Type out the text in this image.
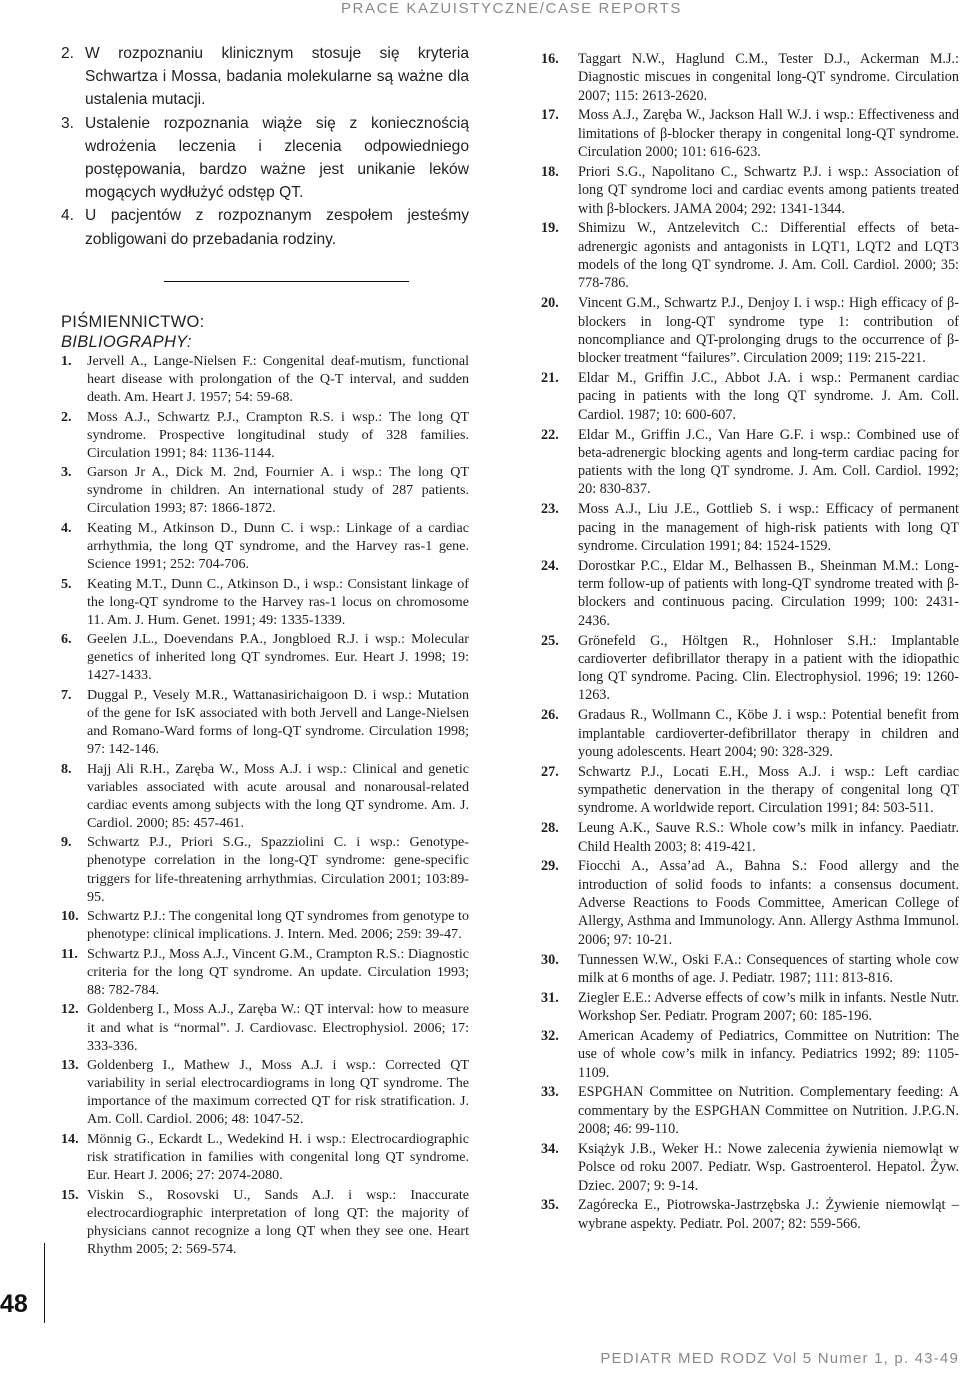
PRACE KAZUISTYCZNE/CASE REPORTS
48

2. W rozpoznaniu klinicznym stosuje się kryteria Schwartza i Mossa, badania molekularne są ważne dla ustalenia mutacji.

3. Ustalenie rozpoznania wiąże się z koniecznością wdrożenia leczenia i zlecenia odpowiedniego postępowania, bardzo ważne jest unikanie leków mogących wydłużyć odstęp QT.

4. U pacjentów z rozpoznanym zespołem jesteśmy zobligowani do przebadania rodziny.

PIŚMIENNICTWO:
BIBLIOGRAPHY:
1.	Jervell A., Lange-Nielsen F.: Congenital deaf-mutism, functional heart disease with prolongation of the Q-T interval, and sudden death. Am. Heart J. 1957; 54: 59-68.
2.	Moss A.J., Schwartz P.J., Crampton R.S. i wsp.: The long QT syndrome. Prospective longitudinal study of 328 families. Circulation 1991; 84: 1136-1144.
3.	Garson Jr A., Dick M. 2nd, Fournier A. i wsp.: The long QT syndrome in children. An international study of 287 patients. Circulation 1993; 87: 1866-1872.
4.	Keating M., Atkinson D., Dunn C. i wsp.: Linkage of a cardiac arrhythmia, the long QT syndrome, and the Harvey ras-1 gene. Science 1991; 252: 704-706.
5.	Keating M.T., Dunn C., Atkinson D., i wsp.: Consistant linkage of the long-QT syndrome to the Harvey ras-1 locus on chromosome 11. Am. J. Hum. Genet. 1991; 49: 1335-1339.
6.	Geelen J.L., Doevendans P.A., Jongbloed R.J. i wsp.: Molecular genetics of inherited long QT syndromes. Eur. Heart J. 1998; 19: 1427-1433.
7.	Duggal P., Vesely M.R., Wattanasirichaigoon D. i wsp.: Mutation of the gene for IsK associated with both Jervell and Lange-Nielsen and Romano-Ward forms of long-QT syndrome. Circulation 1998; 97: 142-146.
8.	Hajj Ali R.H., Zaręba W., Moss A.J. i wsp.: Clinical and genetic variables associated with acute arousal and nonarousal-related cardiac events among subjects with the long QT syndrome. Am. J. Cardiol. 2000; 85: 457-461.
9.	Schwartz P.J., Priori S.G., Spazziolini C. i wsp.: Genotype-phenotype correlation in the long-QT syndrome: gene-specific triggers for life-threatening arrhythmias. Circulation 2001; 103:89-95.
10. Schwartz P.J.: The congenital long QT syndromes from genotype to phenotype: clinical implications. J. Intern. Med. 2006; 259: 39-47.
11. Schwartz P.J., Moss A.J., Vincent G.M., Crampton R.S.: Diagnostic criteria for the long QT syndrome. An update. Circulation 1993; 88: 782-784.
12. Goldenberg I., Moss A.J., Zaręba W.: QT interval: how to measure it and what is “normal”. J. Cardiovasc. Electrophysiol. 2006; 17: 333-336.
13. Goldenberg I., Mathew J., Moss A.J. i wsp.: Corrected QT variability in serial electrocardiograms in long QT syndrome. The importance of the maximum corrected QT for risk stratification. J. Am. Coll. Cardiol. 2006; 48: 1047-52.
14. Mönnig G., Eckardt L., Wedekind H. i wsp.: Electrocardiographic risk stratification in families with congenital long QT syndrome. Eur. Heart J. 2006; 27: 2074-2080.
15. Viskin S., Rosovski U., Sands A.J. i wsp.: Inaccurate electrocardiographic interpretation of long QT: the majority of physicians cannot recognize a long QT when they see one. Heart Rhythm 2005; 2: 569-574.
16.	Taggart N.W., Haglund C.M., Tester D.J., Ackerman M.J.: Diagnostic miscues in congenital long-QT syndrome. Circulation 2007; 115: 2613-2620.
17.	Moss A.J., Zaręba W., Jackson Hall W.J. i wsp.: Effectiveness and limitations of β-blocker therapy in congenital long-QT syndrome. Circulation 2000; 101: 616-623.
18.	Priori S.G., Napolitano C., Schwartz P.J. i wsp.: Association of long QT syndrome loci and cardiac events among patients treated with β-blockers. JAMA 2004; 292: 1341-1344.
19.	Shimizu W., Antzelevitch C.: Differential effects of beta-adrenergic agonists and antagonists in LQT1, LQT2 and LQT3 models of the long QT syndrome. J. Am. Coll. Cardiol. 2000; 35: 778-786.
20.	Vincent G.M., Schwartz P.J., Denjoy I. i wsp.: High efficacy of β-blockers in long-QT syndrome type 1: contribution of noncompliance and QT-prolonging drugs to the occurrence of β-blocker treatment “failures”. Circulation 2009; 119: 215-221.
21.	Eldar M., Griffin J.C., Abbot J.A. i wsp.: Permanent cardiac pacing in patients with the long QT syndrome. J. Am. Coll. Cardiol. 1987; 10: 600-607.
22.	Eldar M., Griffin J.C., Van Hare G.F. i wsp.: Combined use of beta-adrenergic blocking agents and long-term cardiac pacing for patients with the long QT syndrome. J. Am. Coll. Cardiol. 1992; 20: 830-837.
23.	Moss A.J., Liu J.E., Gottlieb S. i wsp.: Efficacy of permanent pacing in the management of high-risk patients with long QT syndrome. Circulation 1991; 84: 1524-1529.
24.	Dorostkar P.C., Eldar M., Belhassen B., Sheinman M.M.: Long-term follow-up of patients with long-QT syndrome treated with β-blockers and continuous pacing. Circulation 1999; 100: 2431-2436.
25.	Grönefeld G., Höltgen R., Hohnloser S.H.: Implantable cardioverter defibrillator therapy in a patient with the idiopathic long QT syndrome. Pacing. Clin. Electrophysiol. 1996; 19: 1260-1263.
26.	Gradaus R., Wollmann C., Köbe J. i wsp.: Potential benefit from implantable cardioverter-defibrillator therapy in children and young adolescents. Heart 2004; 90: 328-329.
27.	Schwartz P.J., Locati E.H., Moss A.J. i wsp.: Left cardiac sympathetic denervation in the therapy of congenital long QT syndrome. A worldwide report. Circulation 1991; 84: 503-511.
28.	Leung A.K., Sauve R.S.: Whole cow’s milk in infancy. Paediatr. Child Health 2003; 8: 419-421.
29.	Fiocchi A., Assa’ad A., Bahna S.: Food allergy and the introduction of solid foods to infants: a consensus document. Adverse Reactions to Foods Committee, American College of Allergy, Asthma and Immunology. Ann. Allergy Asthma Immunol. 2006; 97: 10-21.
30.	Tunnessen W.W., Oski F.A.: Consequences of starting whole cow milk at 6 months of age. J. Pediatr. 1987; 111: 813-816.
31.	Ziegler E.E.: Adverse effects of cow’s milk in infants. Nestle Nutr. Workshop Ser. Pediatr. Program 2007; 60: 185-196.
32.	American Academy of Pediatrics, Committee on Nutrition: The use of whole cow’s milk in infancy. Pediatrics 1992; 89: 1105-1109.
33.	ESPGHAN Committee on Nutrition. Complementary feeding: A commentary by the ESPGHAN Committee on Nutrition. J.P.G.N. 2008; 46: 99-110.
34.	Książyk J.B., Weker H.: Nowe zalecenia żywienia niemowląt w Polsce od roku 2007. Pediatr. Wsp. Gastroenterol. Hepatol. Żyw. Dziec. 2007; 9: 9-14.
35.	Zagórecka E., Piotrowska-Jastrzębska J.: Żywienie niemowląt – wybrane aspekty. Pediatr. Pol. 2007; 82: 559-566.
PEDIATR MED RODZ Vol 5 Numer 1, p. 43-49
